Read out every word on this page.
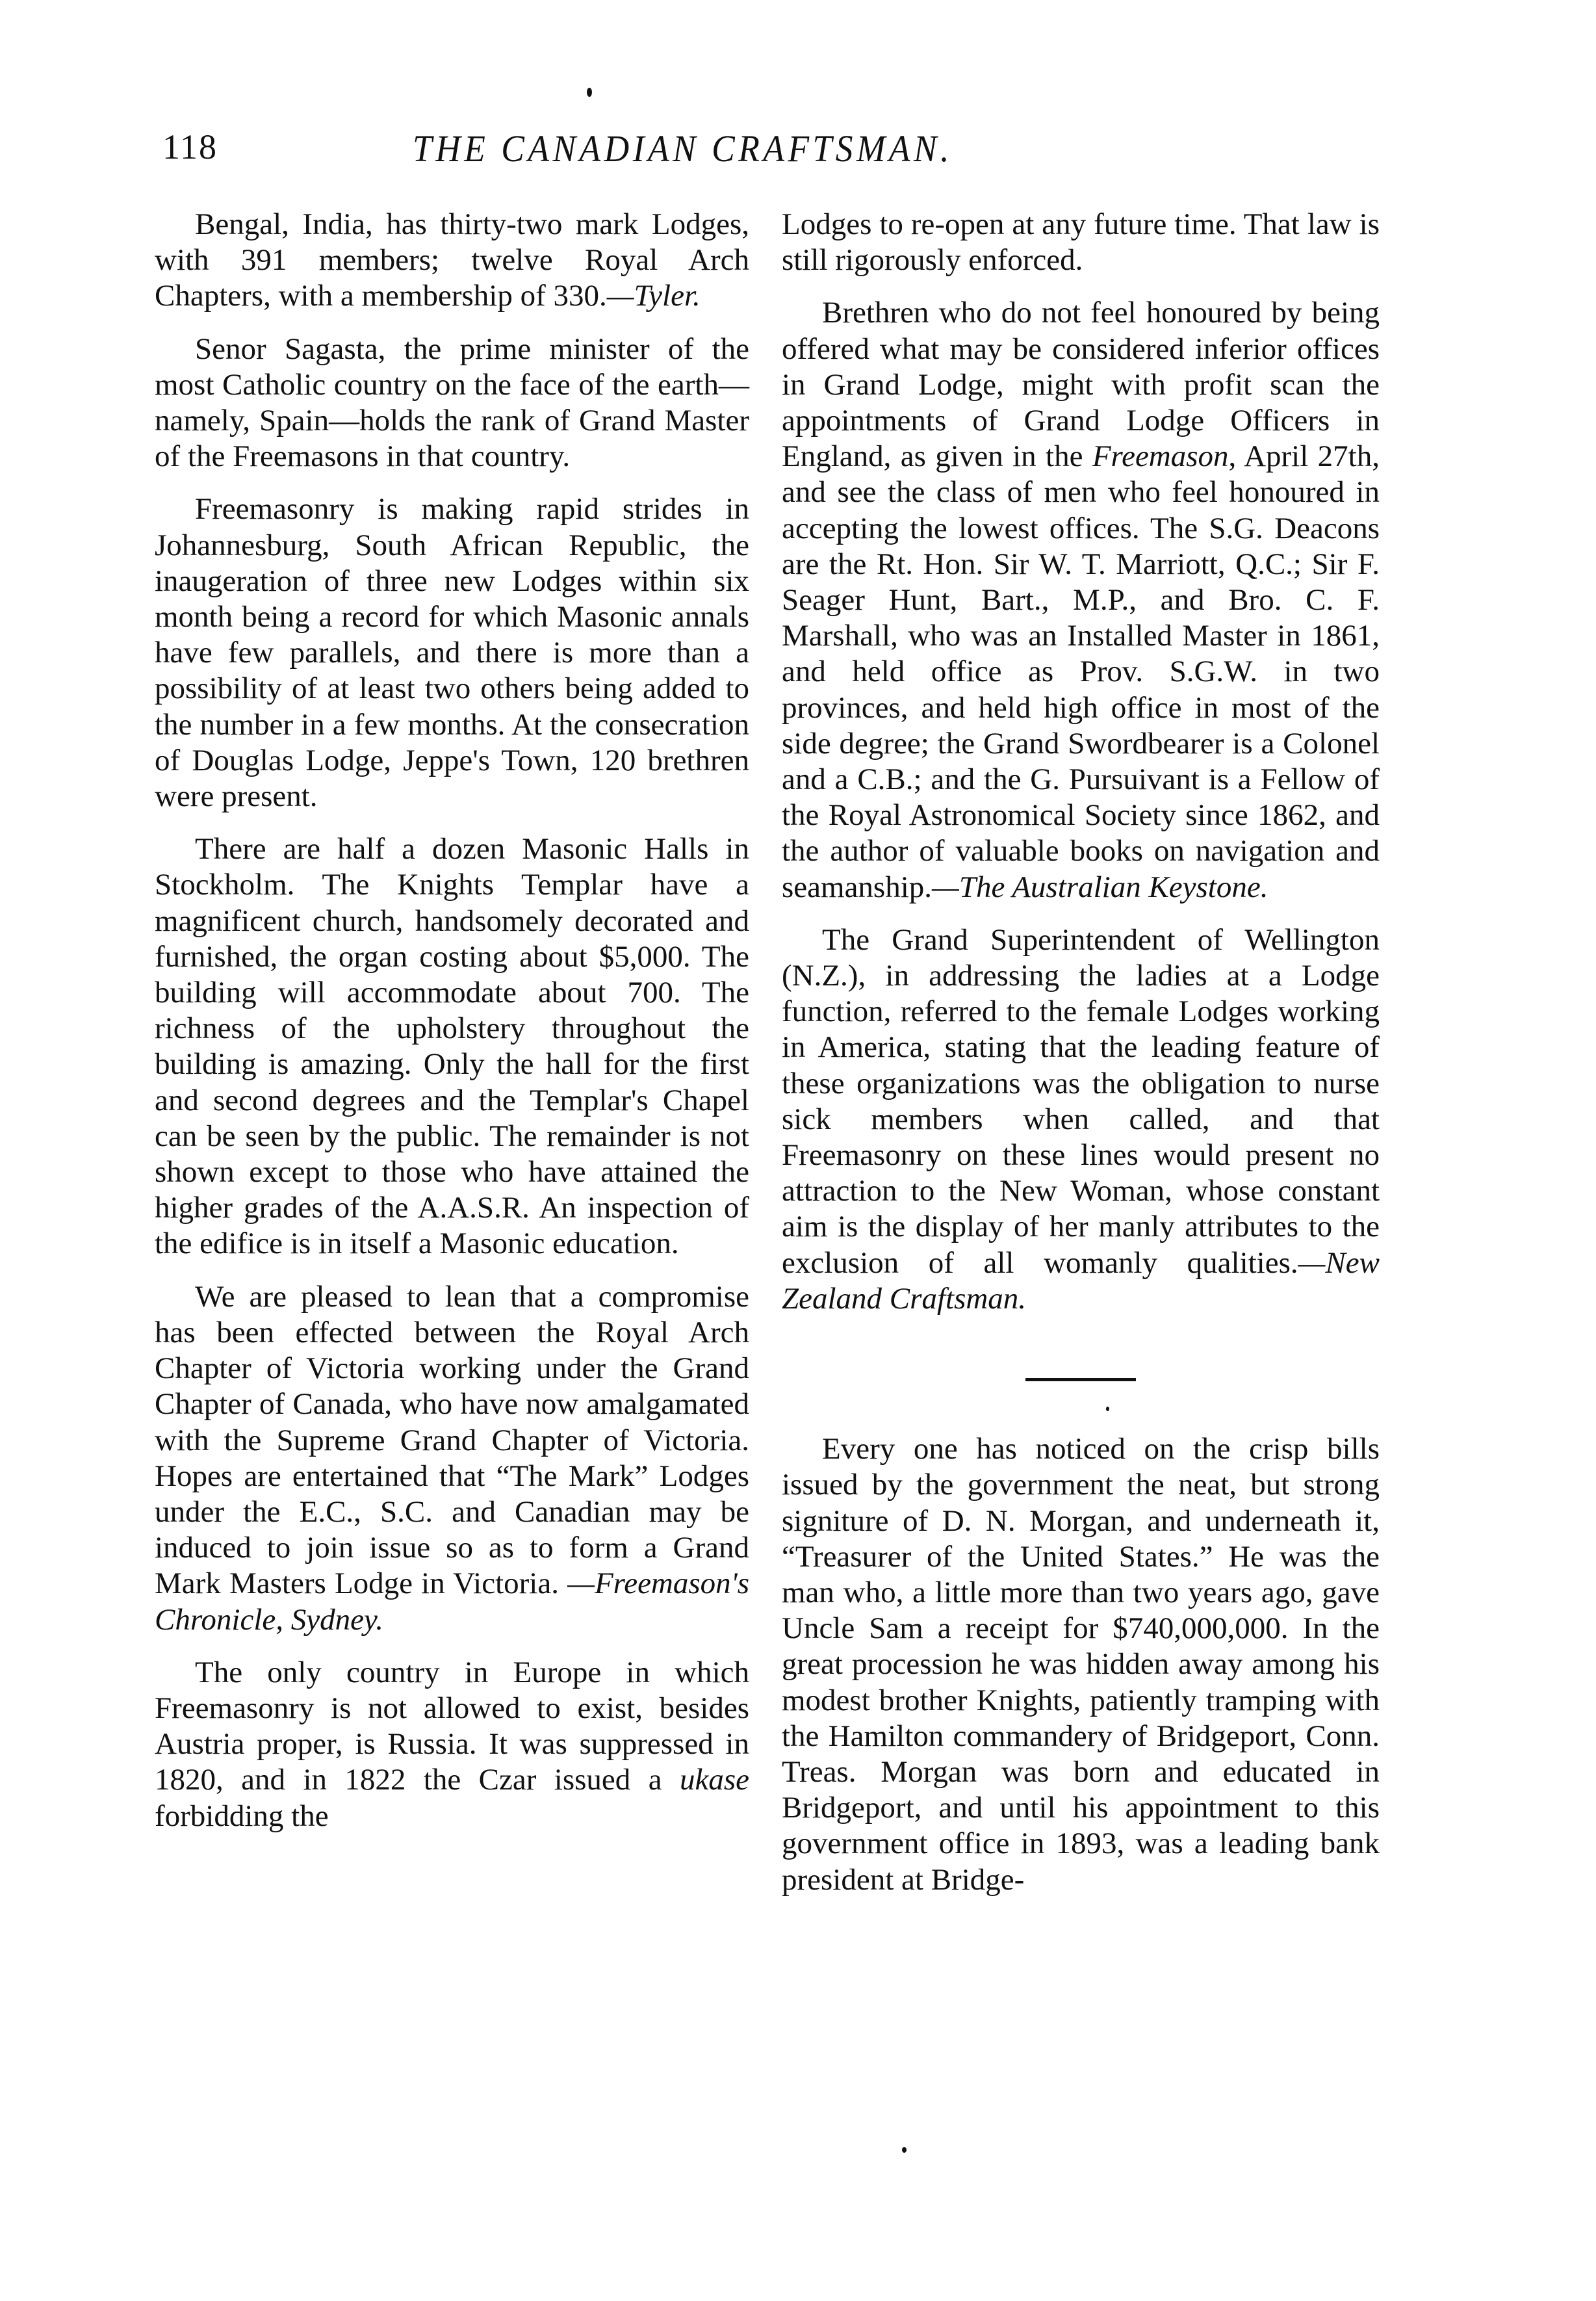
118	THE CANADIAN CRAFTSMAN.

Bengal, India, has thirty-two mark Lodges, with 391 members; twelve Royal Arch Chapters, with a membership of 330.—Tyler.

Senor Sagasta, the prime minister of the most Catholic country on the face of the earth—namely, Spain—holds the rank of Grand Master of the Freemasons in that country.

Freemasonry is making rapid strides in Johannesburg, South African Republic, the inaugeration of three new Lodges within six month being a record for which Masonic annals have few parallels, and there is more than a possibility of at least two others being added to the number in a few months. At the consecration of Douglas Lodge, Jeppe's Town, 120 brethren were present.

There are half a dozen Masonic Halls in Stockholm. The Knights Templar have a magnificent church, handsomely decorated and furnished, the organ costing about $5,000. The building will accommodate about 700. The richness of the upholstery throughout the building is amazing. Only the hall for the first and second degrees and the Templar's Chapel can be seen by the public. The remainder is not shown except to those who have attained the higher grades of the A.A.S.R. An inspection of the edifice is in itself a Masonic education.

We are pleased to lean that a compromise has been effected between the Royal Arch Chapter of Victoria working under the Grand Chapter of Canada, who have now amalgamated with the Supreme Grand Chapter of Victoria. Hopes are entertained that “The Mark” Lodges under the E.C., S.C. and Canadian may be induced to join issue so as to form a Grand Mark Masters Lodge in Victoria. —Freemason's Chronicle, Sydney.

The only country in Europe in which Freemasonry is not allowed to exist, besides Austria proper, is Russia. It was suppressed in 1820, and in 1822 the Czar issued a ukase forbidding the

Lodges to re-open at any future time. That law is still rigorously enforced.

Brethren who do not feel honoured by being offered what may be considered inferior offices in Grand Lodge, might with profit scan the appointments of Grand Lodge Officers in England, as given in the Freemason, April 27th, and see the class of men who feel honoured in accepting the lowest offices. The S.G. Deacons are the Rt. Hon. Sir W. T. Marriott, Q.C.; Sir F. Seager Hunt, Bart., M.P., and Bro. C. F. Marshall, who was an Installed Master in 1861, and held office as Prov. S.G.W. in two provinces, and held high office in most of the side degree; the Grand Swordbearer is a Colonel and a C.B.; and the G. Pursuivant is a Fellow of the Royal Astronomical Society since 1862, and the author of valuable books on navigation and seamanship.—The Australian Keystone.

The Grand Superintendent of Wellington (N.Z.), in addressing the ladies at a Lodge function, referred to the female Lodges working in America, stating that the leading feature of these organizations was the obligation to nurse sick members when called, and that Freemasonry on these lines would present no attraction to the New Woman, whose constant aim is the display of her manly attributes to the exclusion of all womanly qualities.—New Zealand Craftsman.

Every one has noticed on the crisp bills issued by the government the neat, but strong signiture of D. N. Morgan, and underneath it, “Treasurer of the United States.” He was the man who, a little more than two years ago, gave Uncle Sam a receipt for $740,000,000. In the great procession he was hidden away among his modest brother Knights, patiently tramping with the Hamilton commandery of Bridgeport, Conn. Treas. Morgan was born and educated in Bridgeport, and until his appointment to this government office in 1893, was a leading bank president at Bridge-
